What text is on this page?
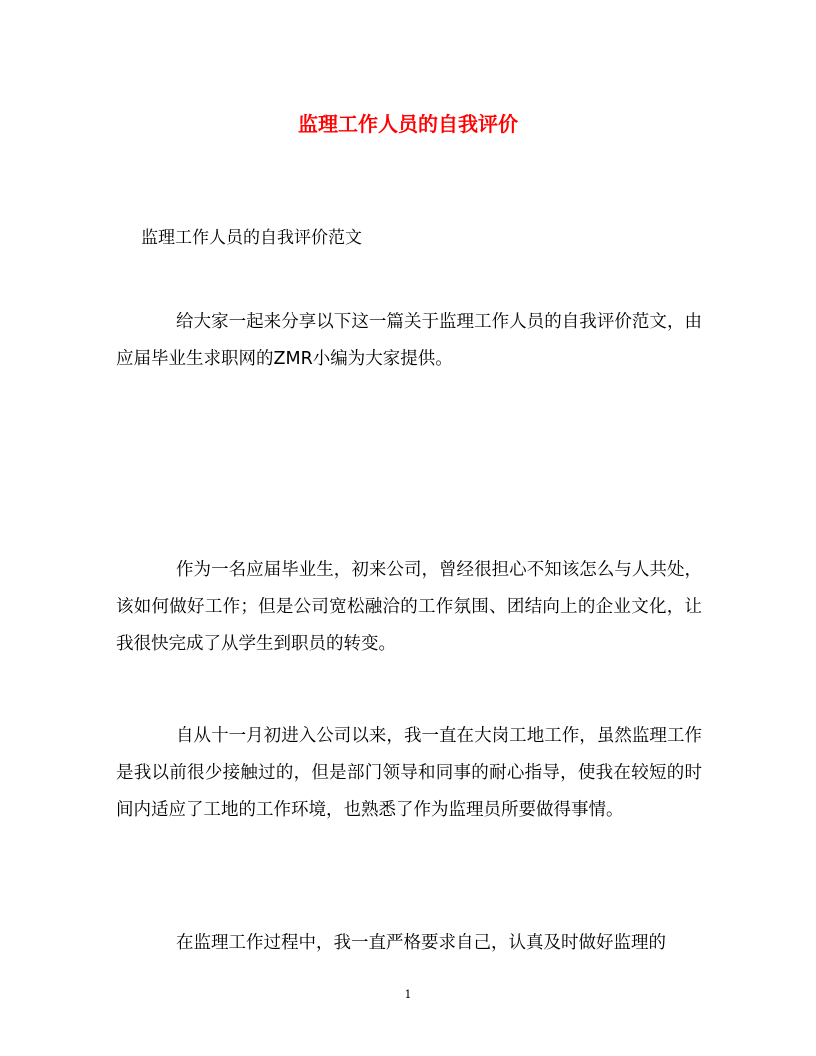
监理工作人员的自我评价
监理工作人员的自我评价范文

给大家一起来分享以下这一篇关于监理工作人员的自我评价范文，由应届毕业生求职网的ZMR小编为大家提供。

作为一名应届毕业生，初来公司，曾经很担心不知该怎么与人共处，该如何做好工作；但是公司宽松融洽的工作氛围、团结向上的企业文化，让我很快完成了从学生到职员的转变。

自从十一月初进入公司以来，我一直在大岗工地工作，虽然监理工作是我以前很少接触过的，但是部门领导和同事的耐心指导，使我在较短的时间内适应了工地的工作环境，也熟悉了作为监理员所要做得事情。

在监理工作过程中，我一直严格要求自己，认真及时做好监理的

1
